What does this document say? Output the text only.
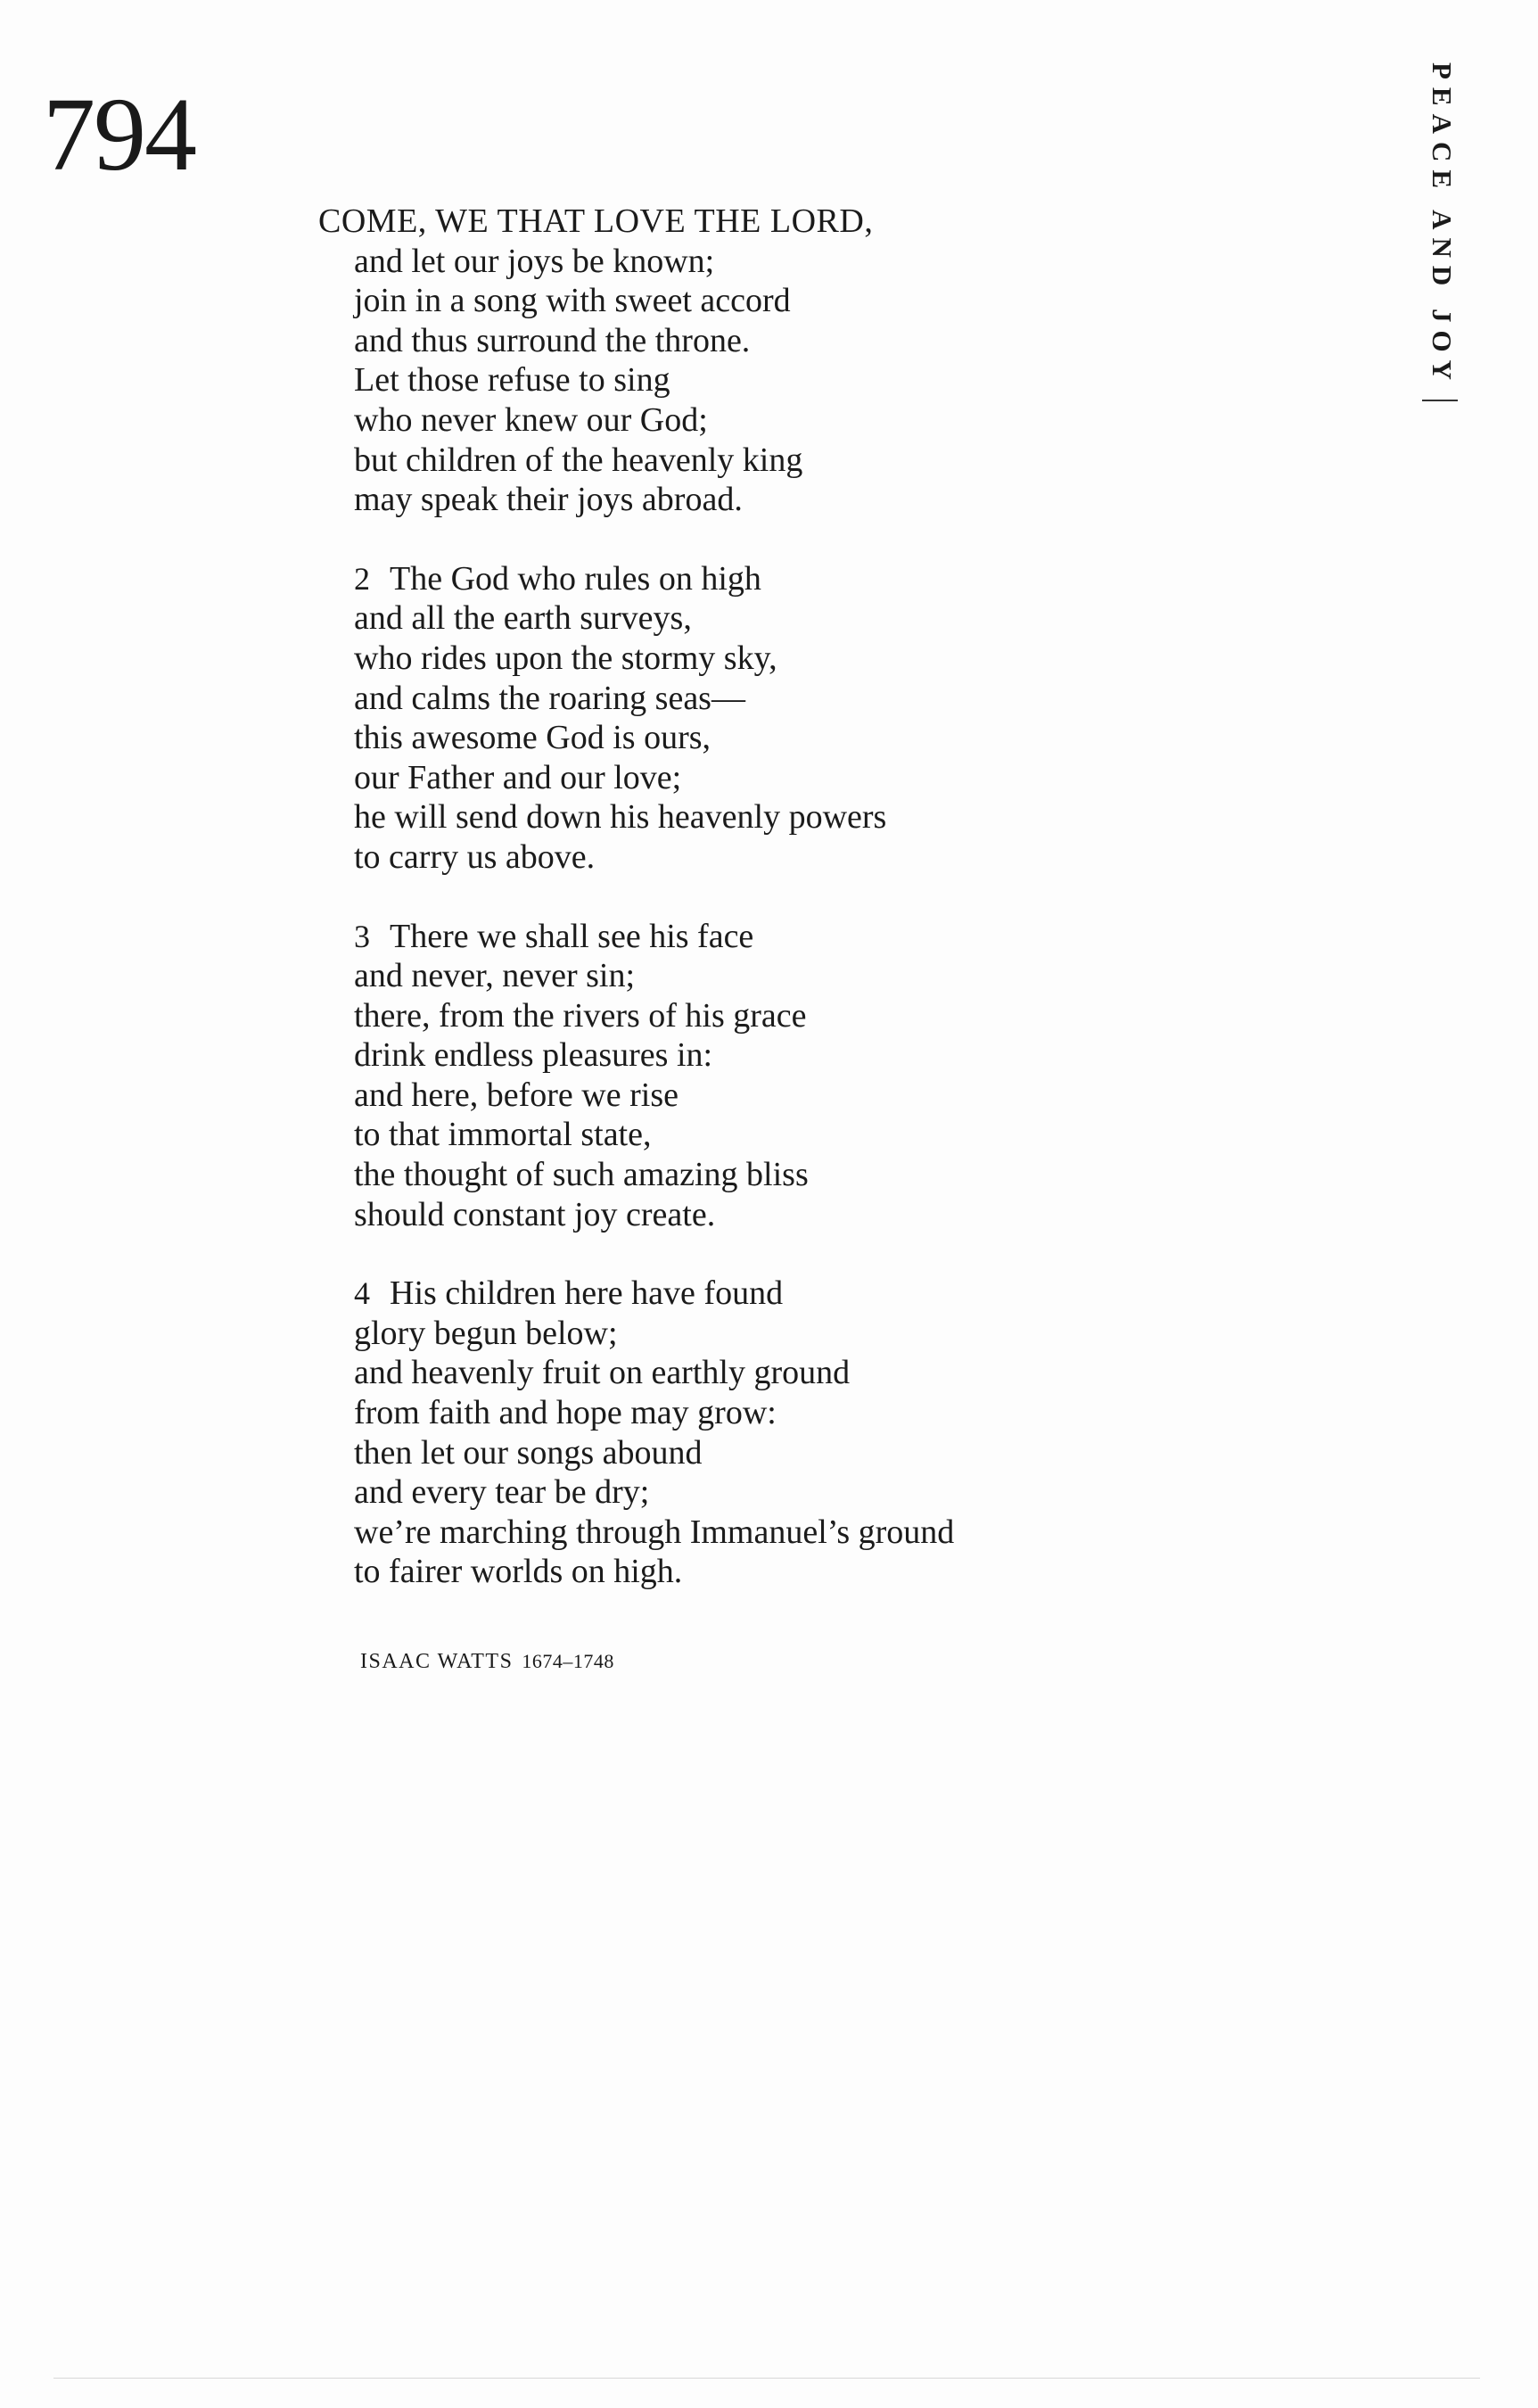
794	PEACE AND JOY
COME, WE THAT LOVE THE LORD,
and let our joys be known;
join in a song with sweet accord
and thus surround the throne.
Let those refuse to sing
who never knew our God;
but children of the heavenly king
may speak their joys abroad.
2 The God who rules on high
and all the earth surveys,
who rides upon the stormy sky,
and calms the roaring seas—
this awesome God is ours,
our Father and our love;
he will send down his heavenly powers
to carry us above.
3 There we shall see his face
and never, never sin;
there, from the rivers of his grace
drink endless pleasures in:
and here, before we rise
to that immortal state,
the thought of such amazing bliss
should constant joy create.
4 His children here have found
glory begun below;
and heavenly fruit on earthly ground
from faith and hope may grow:
then let our songs abound
and every tear be dry;
we’re marching through Immanuel’s ground
to fairer worlds on high.
ISAAC WATTS 1674–1748
